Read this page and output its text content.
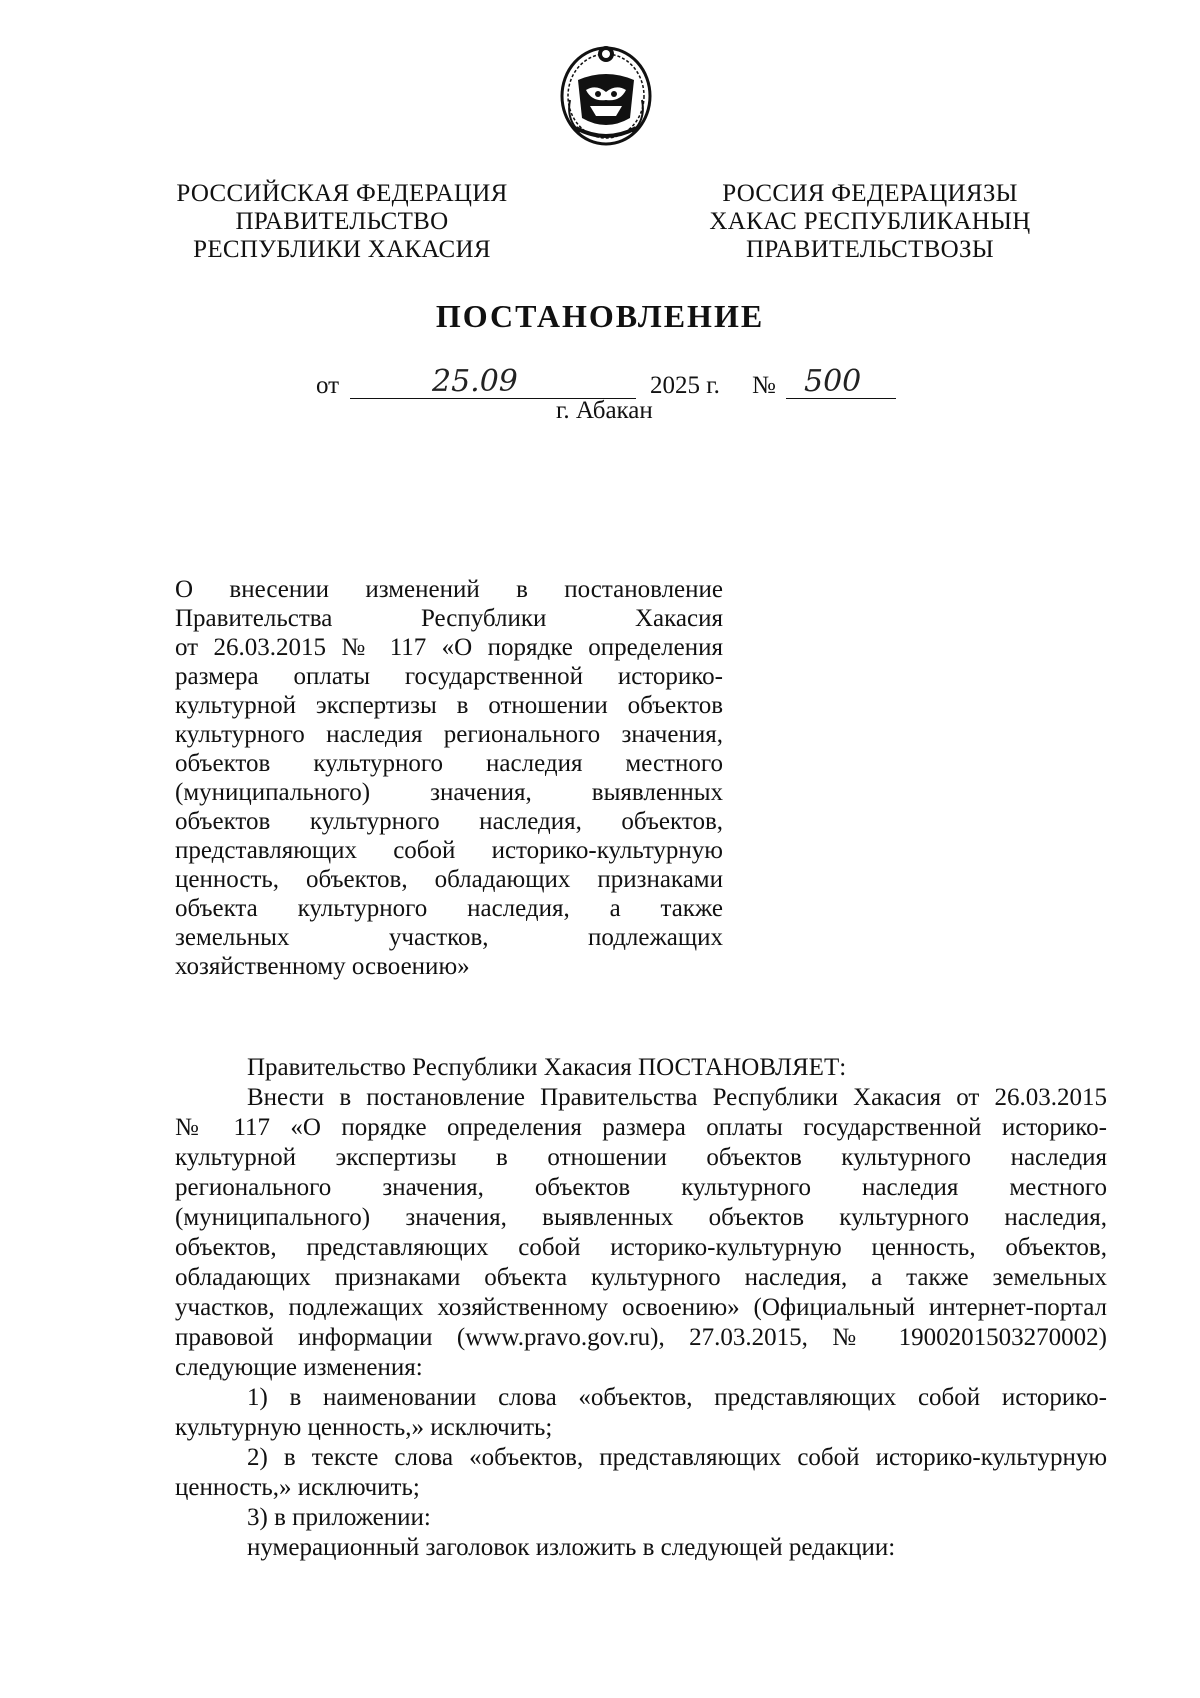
РОССИЙСКАЯ ФЕДЕРАЦИЯ
ПРАВИТЕЛЬСТВО
РЕСПУБЛИКИ ХАКАСИЯ
РОССИЯ ФЕДЕРАЦИЯЗЫ
ХАКАС РЕСПУБЛИКАНЫҢ
ПРАВИТЕЛЬСТВОЗЫ
ПОСТАНОВЛЕНИЕ
от	25.09	2025 г. № 500
г. Абакан
О внесении изменений в постановление
Правительства Республики Хакасия
от 26.03.2015 № 117 «О порядке определения
размера оплаты государственной историко-
культурной экспертизы в отношении объектов
культурного наследия регионального значения,
объектов культурного наследия местного
(муниципального) значения, выявленных
объектов культурного наследия, объектов,
представляющих собой историко-культурную
ценность, объектов, обладающих признаками
объекта культурного наследия, а также
земельных участков, подлежащих
хозяйственному освоению»

Правительство Республики Хакасия ПОСТАНОВЛЯЕТ:

Внести в постановление Правительства Республики Хакасия от 26.03.2015
№ 117 «О порядке определения размера оплаты государственной историко-
культурной экспертизы в отношении объектов культурного наследия
регионального значения, объектов культурного наследия местного
(муниципального) значения, выявленных объектов культурного наследия,
объектов, представляющих собой историко-культурную ценность, объектов,
обладающих признаками объекта культурного наследия, а также земельных
участков, подлежащих хозяйственному освоению» (Официальный интернет-портал
правовой информации (www.pravo.gov.ru), 27.03.2015, № 1900201503270002)
следующие изменения:
1) в наименовании слова «объектов, представляющих собой историко-
культурную ценность,» исключить;
2) в тексте слова «объектов, представляющих собой историко-культурную
ценность,» исключить;

3) в приложении:

нумерационный заголовок изложить в следующей редакции:
